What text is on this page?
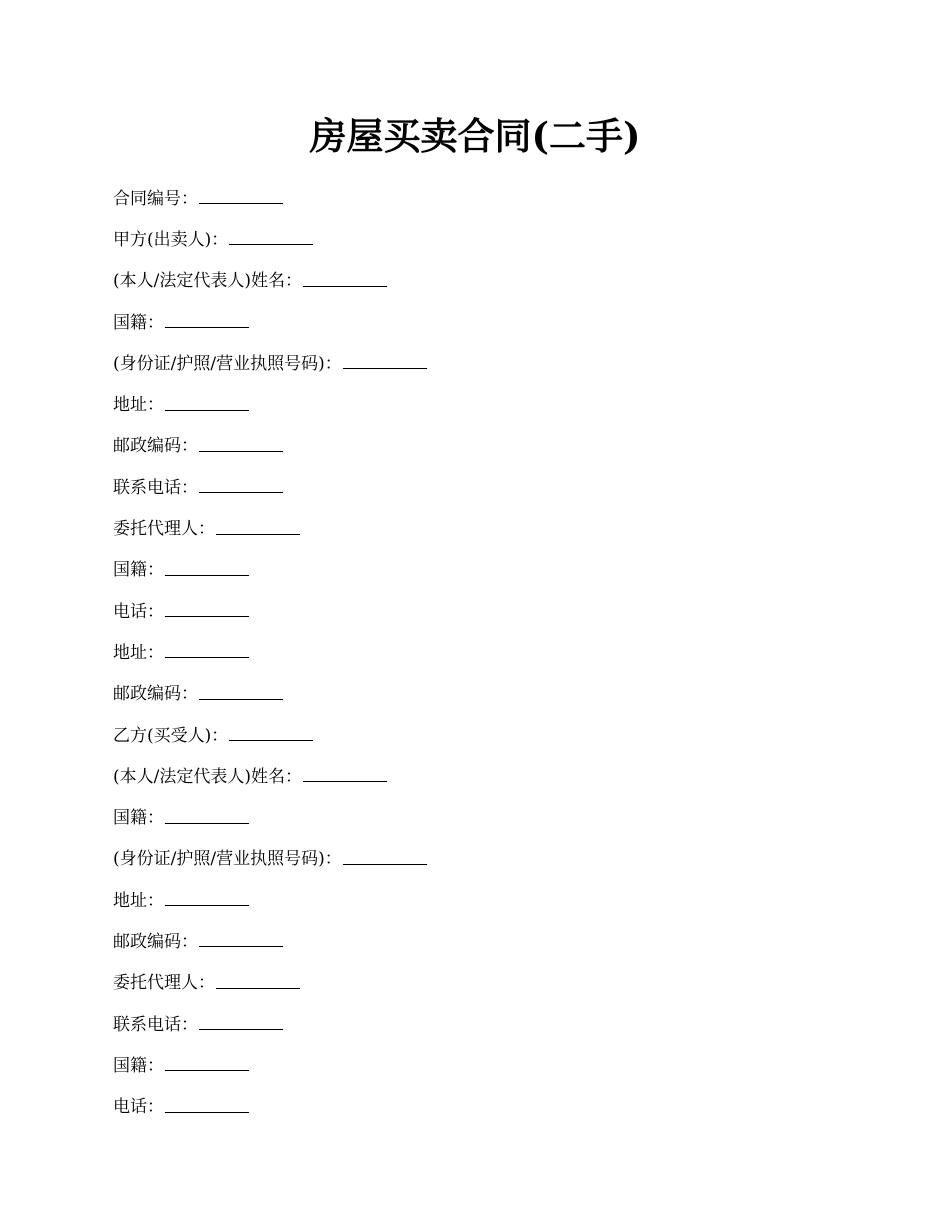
房屋买卖合同(二手)
合同编号：
甲方(出卖人)：
(本人/法定代表人)姓名：
国籍：
(身份证/护照/营业执照号码)：
地址：
邮政编码：
联系电话：
委托代理人：
国籍：
电话：
地址：
邮政编码：
乙方(买受人)：
(本人/法定代表人)姓名：
国籍：
(身份证/护照/营业执照号码)：
地址：
邮政编码：
委托代理人：
联系电话：
国籍：
电话：
